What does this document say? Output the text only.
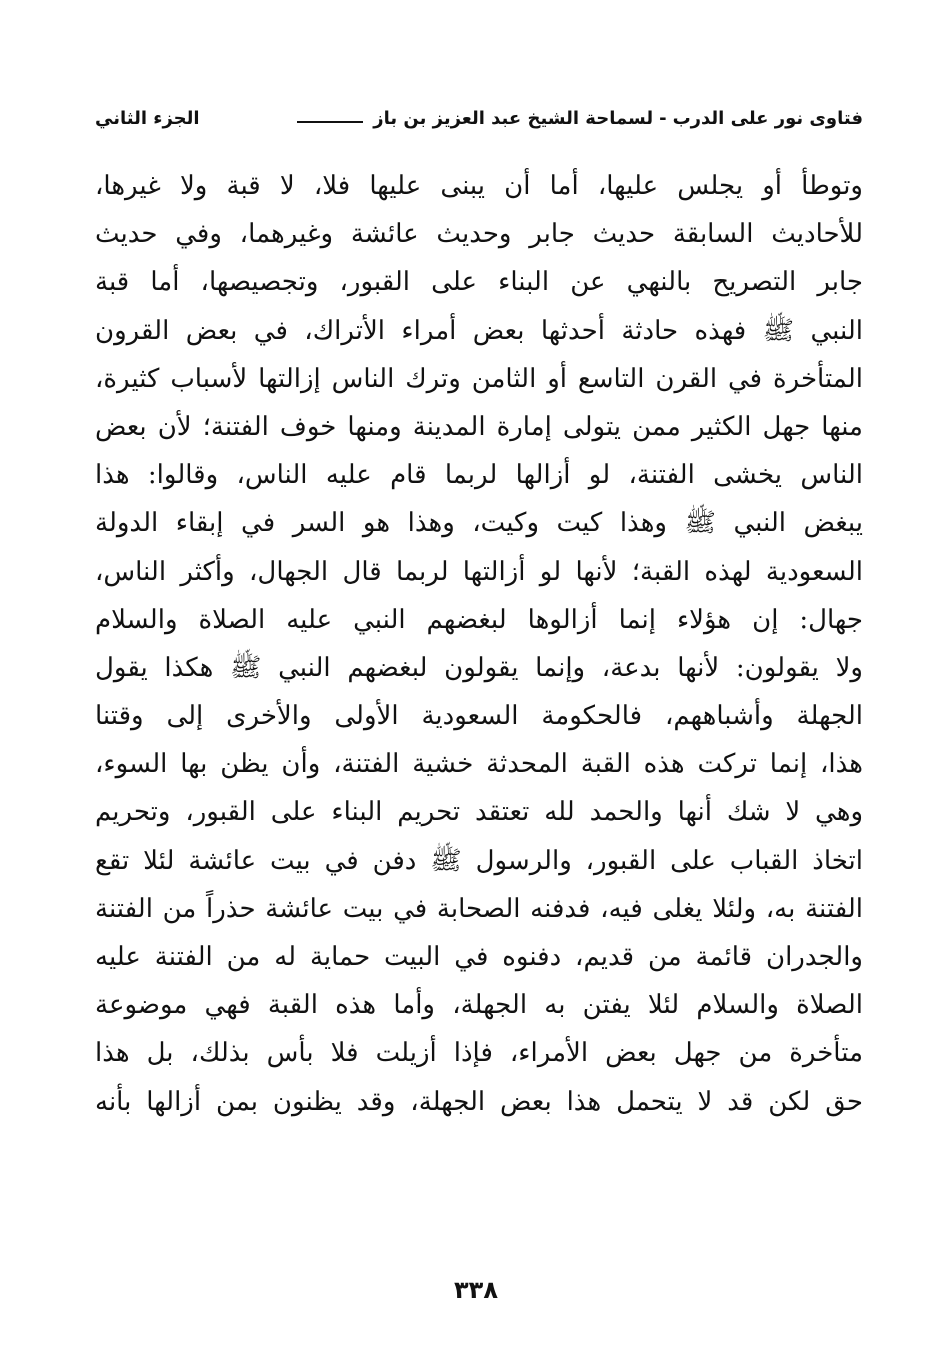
فتاوى نور على الدرب
-
لسماحة الشيخ عبد العزيز بن باز
الجزء الثاني
وتوطأ أو يجلس عليها، أما أن يبنى عليها فلا، لا قبة ولا غيرها،
للأحاديث السابقة حديث جابر وحديث عائشة وغيرهما، وفي حديث
جابر التصريح بالنهي عن البناء على القبور، وتجصيصها، أما قبة
النبي ﷺ فهذه حادثة أحدثها بعض أمراء الأتراك، في بعض القرون
المتأخرة في القرن التاسع أو الثامن وترك الناس إزالتها لأسباب كثيرة،
منها جهل الكثير ممن يتولى إمارة المدينة ومنها خوف الفتنة؛ لأن بعض
الناس يخشى الفتنة، لو أزالها لربما قام عليه الناس، وقالوا: هذا
يبغض النبي ﷺ وهذا كيت وكيت، وهذا هو السر في إبقاء الدولة
السعودية لهذه القبة؛ لأنها لو أزالتها لربما قال الجهال، وأكثر الناس،
جهال: إن هؤلاء إنما أزالوها لبغضهم النبي عليه الصلاة والسلام
ولا يقولون: لأنها بدعة، وإنما يقولون لبغضهم النبي ﷺ هكذا يقول
الجهلة وأشباههم، فالحكومة السعودية الأولى والأخرى إلى وقتنا
هذا، إنما تركت هذه القبة المحدثة خشية الفتنة، وأن يظن بها السوء،
وهي لا شك أنها والحمد لله تعتقد تحريم البناء على القبور، وتحريم
اتخاذ القباب على القبور، والرسول ﷺ دفن في بيت عائشة لئلا تقع
الفتنة به، ولئلا يغلى فيه، فدفنه الصحابة في بيت عائشة حذراً من الفتنة
والجدران قائمة من قديم، دفنوه في البيت حماية له من الفتنة عليه
الصلاة والسلام لئلا يفتن به الجهلة، وأما هذه القبة فهي موضوعة
متأخرة من جهل بعض الأمراء، فإذا أزيلت فلا بأس بذلك، بل هذا
حق لكن قد لا يتحمل هذا بعض الجهلة، وقد يظنون بمن أزالها بأنه
٣٣٨
